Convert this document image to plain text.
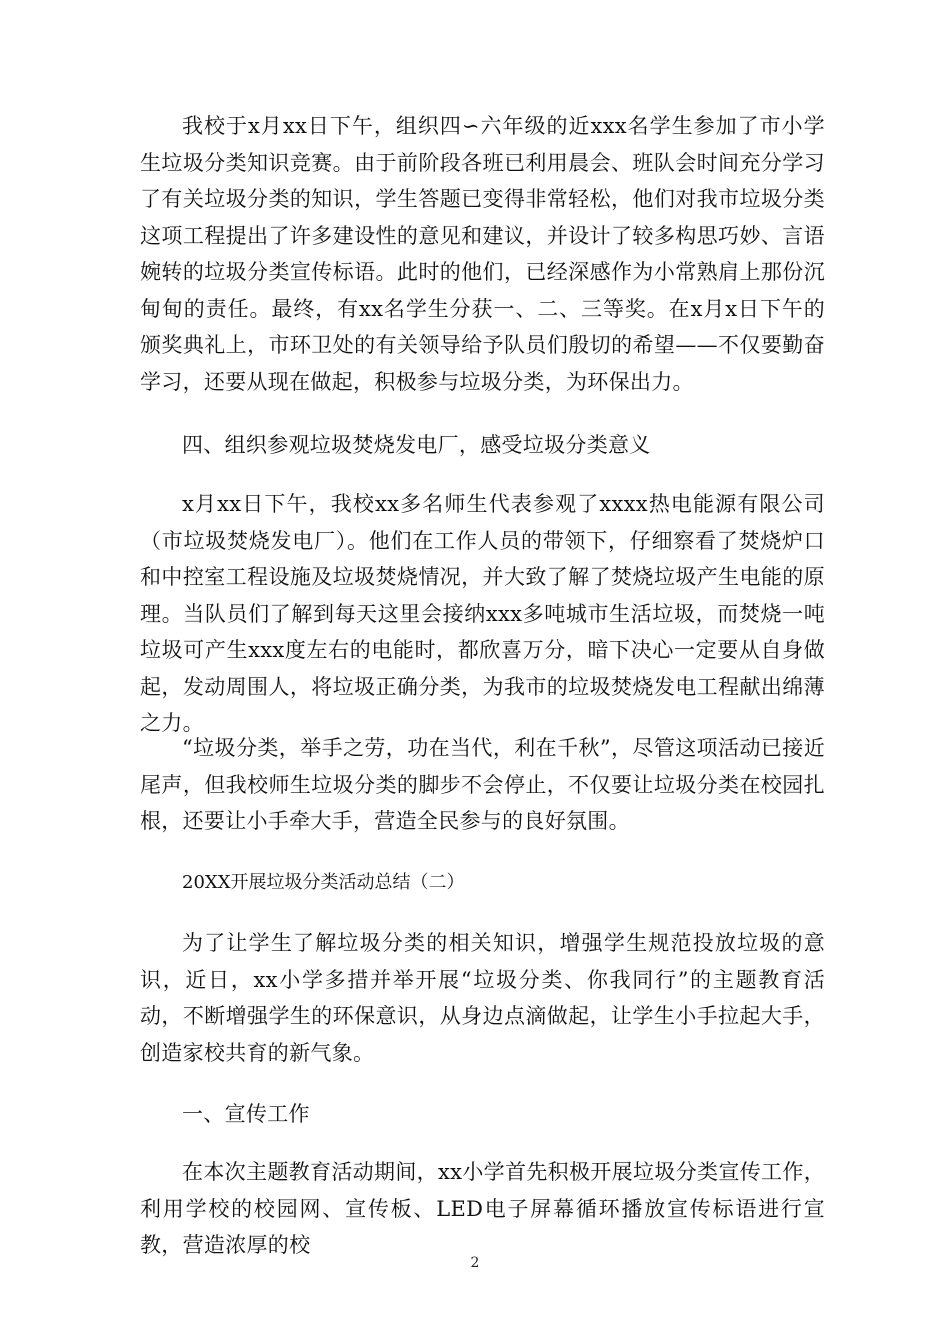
我校于x月xx日下午，组织四∽六年级的近xxx名学生参加了市小学生垃圾分类知识竞赛。由于前阶段各班已利用晨会、班队会时间充分学习了有关垃圾分类的知识，学生答题已变得非常轻松，他们对我市垃圾分类这项工程提出了许多建设性的意见和建议，并设计了较多构思巧妙、言语婉转的垃圾分类宣传标语。此时的他们，已经深感作为小常熟肩上那份沉甸甸的责任。最终，有xx名学生分获一、二、三等奖。在x月x日下午的颁奖典礼上，市环卫处的有关领导给予队员们殷切的希望——不仅要勤奋学习，还要从现在做起，积极参与垃圾分类，为环保出力。

四、组织参观垃圾焚烧发电厂，感受垃圾分类意义

x月xx日下午，我校xx多名师生代表参观了xxxx热电能源有限公司（市垃圾焚烧发电厂）。他们在工作人员的带领下，仔细察看了焚烧炉口和中控室工程设施及垃圾焚烧情况，并大致了解了焚烧垃圾产生电能的原理。当队员们了解到每天这里会接纳xxx多吨城市生活垃圾，而焚烧一吨垃圾可产生xxx度左右的电能时，都欣喜万分，暗下决心一定要从自身做起，发动周围人，将垃圾正确分类，为我市的垃圾焚烧发电工程献出绵薄之力。

“垃圾分类，举手之劳，功在当代，利在千秋”，尽管这项活动已接近尾声，但我校师生垃圾分类的脚步不会停止，不仅要让垃圾分类在校园扎根，还要让小手牵大手，营造全民参与的良好氛围。

20XX开展垃圾分类活动总结（二）

为了让学生了解垃圾分类的相关知识，增强学生规范投放垃圾的意识，近日，xx小学多措并举开展“垃圾分类、你我同行”的主题教育活动，不断增强学生的环保意识，从身边点滴做起，让学生小手拉起大手，创造家校共育的新气象。

一、宣传工作

在本次主题教育活动期间，xx小学首先积极开展垃圾分类宣传工作，利用学校的校园网、宣传板、LED电子屏幕循环播放宣传标语进行宣教，营造浓厚的校

2
